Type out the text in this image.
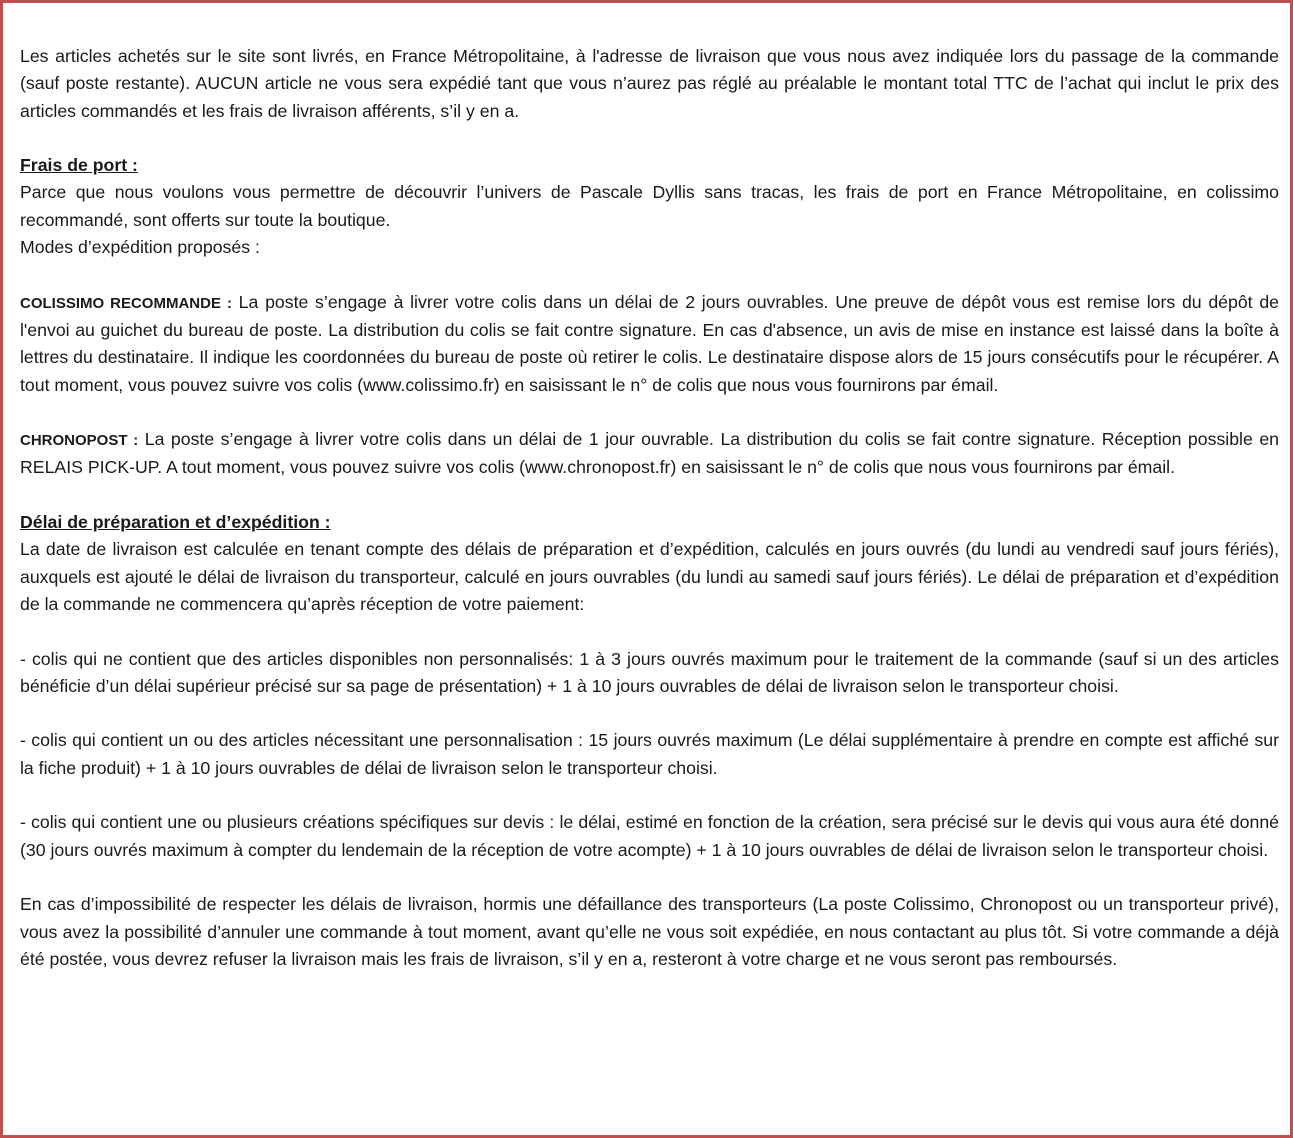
Les articles achetés sur le site sont livrés, en France Métropolitaine, à l'adresse de livraison que vous nous avez indiquée lors du passage de la commande (sauf poste restante). AUCUN article ne vous sera expédié tant que vous n’aurez pas réglé au préalable le montant total TTC de l’achat qui inclut le prix des articles commandés et les frais de livraison afférents, s’il y en a.

Frais de port :

Parce que nous voulons vous permettre de découvrir l’univers de Pascale Dyllis sans tracas, les frais de port en France Métropolitaine, en colissimo recommandé, sont offerts sur toute la boutique.

Modes d’expédition proposés :

COLISSIMO RECOMMANDE : La poste s’engage à livrer votre colis dans un délai de 2 jours ouvrables. Une preuve de dépôt vous est remise lors du dépôt de l'envoi au guichet du bureau de poste. La distribution du colis se fait contre signature. En cas d'absence, un avis de mise en instance est laissé dans la boîte à lettres du destinataire. Il indique les coordonnées du bureau de poste où retirer le colis. Le destinataire dispose alors de 15 jours consécutifs pour le récupérer. A tout moment, vous pouvez suivre vos colis (www.colissimo.fr) en saisissant le n° de colis que nous vous fournirons par émail.

CHRONOPOST : La poste s’engage à livrer votre colis dans un délai de 1 jour ouvrable. La distribution du colis se fait contre signature. Réception possible en RELAIS PICK-UP. A tout moment, vous pouvez suivre vos colis (www.chronopost.fr) en saisissant le n° de colis que nous vous fournirons par émail.

Délai de préparation et d’expédition :

La date de livraison est calculée en tenant compte des délais de préparation et d’expédition, calculés en jours ouvrés (du lundi au vendredi sauf jours fériés), auxquels est ajouté le délai de livraison du transporteur, calculé en jours ouvrables (du lundi au samedi sauf jours fériés). Le délai de préparation et d’expédition de la commande ne commencera qu’après réception de votre paiement:

- colis qui ne contient que des articles disponibles non personnalisés: 1 à 3 jours ouvrés maximum pour le traitement de la commande (sauf si un des articles bénéficie d’un délai supérieur précisé sur sa page de présentation) + 1 à 10 jours ouvrables de délai de livraison selon le transporteur choisi.

- colis qui contient un ou des articles nécessitant une personnalisation : 15 jours ouvrés maximum (Le délai supplémentaire à prendre en compte est affiché sur la fiche produit) + 1 à 10 jours ouvrables de délai de livraison selon le transporteur choisi.

- colis qui contient une ou plusieurs créations spécifiques sur devis : le délai, estimé en fonction de la création, sera précisé sur le devis qui vous aura été donné (30 jours ouvrés maximum à compter du lendemain de la réception de votre acompte) + 1 à 10 jours ouvrables de délai de livraison selon le transporteur choisi.

En cas d’impossibilité de respecter les délais de livraison, hormis une défaillance des transporteurs (La poste Colissimo, Chronopost ou un transporteur privé), vous avez la possibilité d’annuler une commande à tout moment, avant qu’elle ne vous soit expédiée, en nous contactant au plus tôt. Si votre commande a déjà été postée, vous devrez refuser la livraison mais les frais de livraison, s’il y en a, resteront à votre charge et ne vous seront pas remboursés.
